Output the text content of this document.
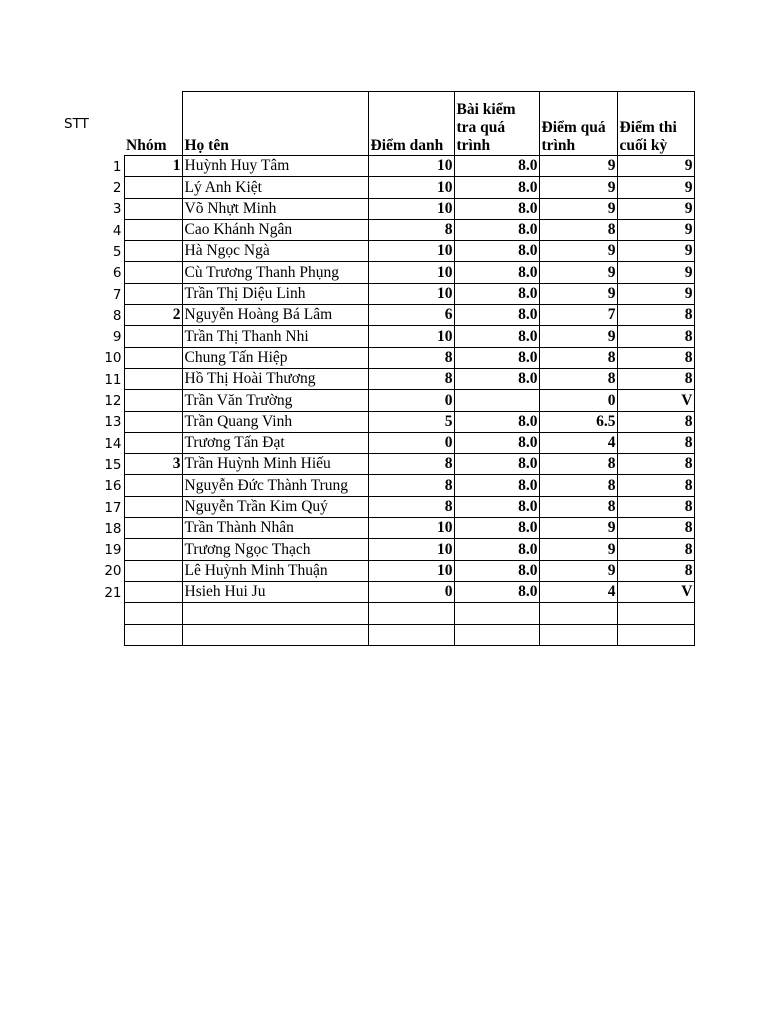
STT	Nhóm	Họ tên	Điểm danh	Bài kiểm tra quá trình	Điểm quá trình	Điểm thi cuối kỳ
1	1	Huỳnh Huy Tâm	10	8.0	9	9
2		Lý Anh Kiệt	10	8.0	9	9
3		Võ Nhựt Minh	10	8.0	9	9
4		Cao Khánh Ngân	8	8.0	8	9
5		Hà Ngọc Ngà	10	8.0	9	9
6		Cù Trương Thanh Phụng	10	8.0	9	9
7		Trần Thị Diệu Linh	10	8.0	9	9
8	2	Nguyễn Hoàng Bá Lâm	6	8.0	7	8
9		Trần Thị Thanh Nhi	10	8.0	9	8
10		Chung Tấn Hiệp	8	8.0	8	8
11		Hồ Thị Hoài Thương	8	8.0	8	8
12		Trần Văn Trường	0		0	V
13		Trần Quang Vinh	5	8.0	6.5	8
14		Trương Tấn Đạt	0	8.0	4	8
15	3	Trần Huỳnh Minh Hiếu	8	8.0	8	8
16		Nguyễn Đức Thành Trung	8	8.0	8	8
17		Nguyễn Trần Kim Quý	8	8.0	8	8
18		Trần Thành Nhân	10	8.0	9	8
19		Trương Ngọc Thạch	10	8.0	9	8
20		Lê Huỳnh Minh Thuận	10	8.0	9	8
21		Hsieh Hui Ju	0	8.0	4	V
